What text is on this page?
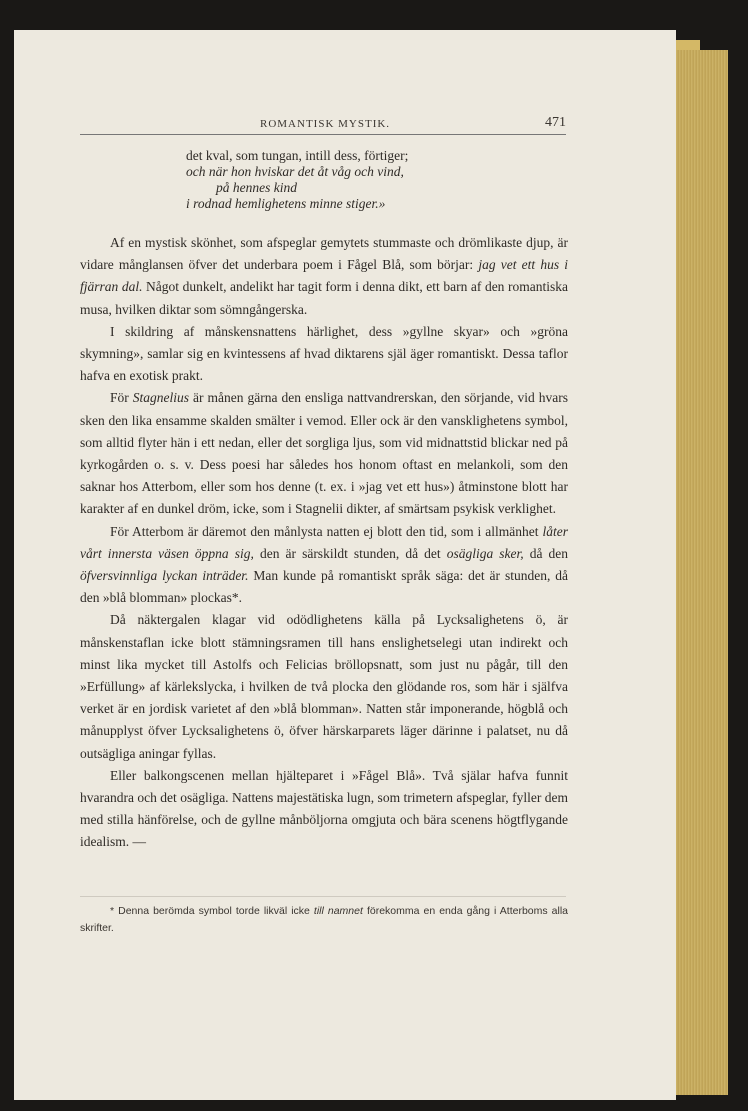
ROMANTISK MYSTIK.	471
det kval, som tungan, intill dess, förtiger;
och när hon hviskar det åt våg och vind,
på hennes kind
i rodnad hemlighetens minne stiger.»

Af en mystisk skönhet, som afspeglar gemytets stummaste och drömlikaste djup, är vidare månglansen öfver det underbara poem i Fågel Blå, som börjar: jag vet ett hus i fjärran dal. Något dunkelt, andelikt har tagit form i denna dikt, ett barn af den romantiska musa, hvilken diktar som sömngångerska.

I skildring af månskensnattens härlighet, dess »gyllne skyar» och »gröna skymning», samlar sig en kvintessens af hvad diktarens själ äger romantiskt. Dessa taflor hafva en exotisk prakt.

För Stagnelius är månen gärna den ensliga nattvandrerskan, den sörjande, vid hvars sken den lika ensamme skalden smälter i vemod. Eller ock är den vansklighetens symbol, som alltid flyter hän i ett nedan, eller det sorgliga ljus, som vid midnattstid blickar ned på kyrkogården o. s. v. Dess poesi har således hos honom oftast en melankoli, som den saknar hos Atterbom, eller som hos denne (t. ex. i »jag vet ett hus») åtminstone blott har karakter af en dunkel dröm, icke, som i Stagnelii dikter, af smärtsam psykisk verklighet.

För Atterbom är däremot den månlysta natten ej blott den tid, som i allmänhet låter vårt innersta väsen öppna sig, den är särskildt stunden, då det osägliga sker, då den öfversvinnliga lyckan inträder. Man kunde på romantiskt språk säga: det är stunden, då den »blå blomman» plockas*.

Då näktergalen klagar vid odödlighetens källa på Lycksalighetens ö, är månskenstaflan icke blott stämningsramen till hans enslighetselegi utan indirekt och minst lika mycket till Astolfs och Felicias bröllopsnatt, som just nu pågår, till den »Erfüllung» af kärlekslycka, i hvilken de två plocka den glödande ros, som här i själfva verket är en jordisk varietet af den »blå blomman». Natten står imponerande, högblå och månupplyst öfver Lycksalighetens ö, öfver härskarparets läger därinne i palatset, nu då outsägliga aningar fyllas.

Eller balkongscenen mellan hjälteparet i »Fågel Blå». Två själar hafva funnit hvarandra och det osägliga. Nattens majestätiska lugn, som trimetern afspeglar, fyller dem med stilla hänförelse, och de gyllne månböljorna omgjuta och bära scenens högtflygande idealism. —

* Denna berömda symbol torde likväl icke till namnet förekomma en enda gång i Atterboms alla skrifter.
